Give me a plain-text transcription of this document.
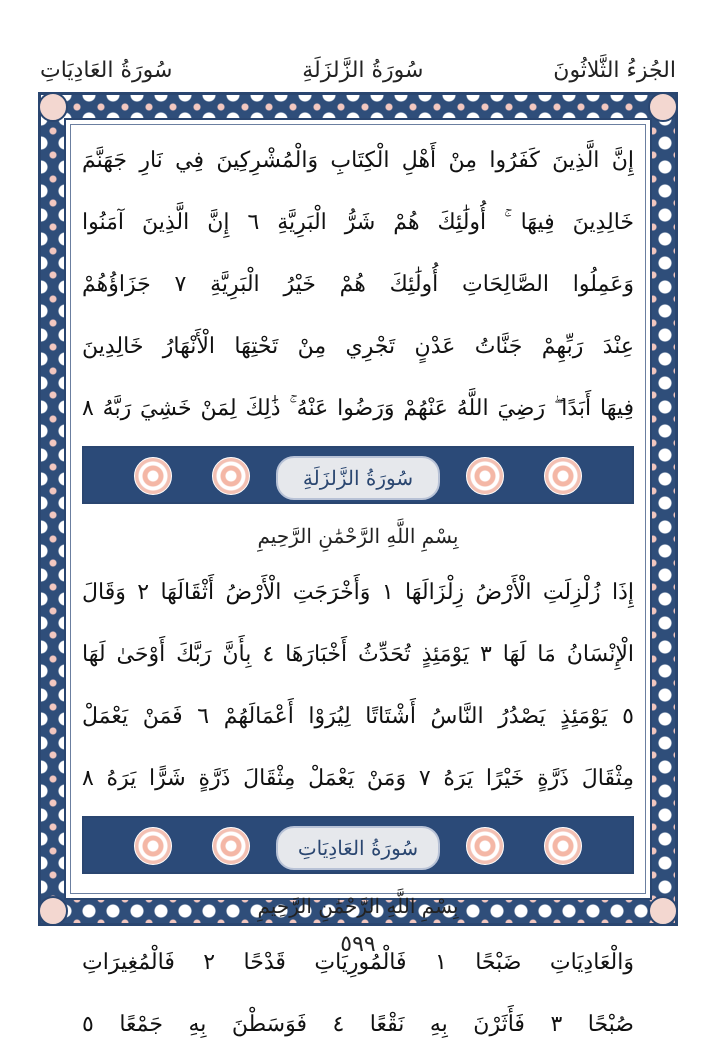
الجُزءُ الثَّلاثُونَ
سُورَةُ الزَّلزَلَةِ
سُورَةُ العَادِيَاتِ
إِنَّ الَّذِينَ كَفَرُوا مِنْ أَهْلِ الْكِتَابِ وَالْمُشْرِكِينَ فِي نَارِ جَهَنَّمَ
خَالِدِينَ فِيهَا ۚ أُولَٰئِكَ هُمْ شَرُّ الْبَرِيَّةِ ٦ إِنَّ الَّذِينَ آمَنُوا
وَعَمِلُوا الصَّالِحَاتِ أُولَٰئِكَ هُمْ خَيْرُ الْبَرِيَّةِ ٧ جَزَاؤُهُمْ
عِنْدَ رَبِّهِمْ جَنَّاتُ عَدْنٍ تَجْرِي مِنْ تَحْتِهَا الْأَنْهَارُ خَالِدِينَ
فِيهَا أَبَدًا ۖ رَضِيَ اللَّهُ عَنْهُمْ وَرَضُوا عَنْهُ ۚ ذَٰلِكَ لِمَنْ خَشِيَ رَبَّهُ ٨
سُورَةُ الزَّلزَلَةِ
بِسْمِ اللَّهِ الرَّحْمَٰنِ الرَّحِيمِ
إِذَا زُلْزِلَتِ الْأَرْضُ زِلْزَالَهَا ١ وَأَخْرَجَتِ الْأَرْضُ أَثْقَالَهَا ٢ وَقَالَ
الْإِنْسَانُ مَا لَهَا ٣ يَوْمَئِذٍ تُحَدِّثُ أَخْبَارَهَا ٤ بِأَنَّ رَبَّكَ أَوْحَىٰ لَهَا
٥ يَوْمَئِذٍ يَصْدُرُ النَّاسُ أَشْتَاتًا لِيُرَوْا أَعْمَالَهُمْ ٦ فَمَنْ يَعْمَلْ
مِثْقَالَ ذَرَّةٍ خَيْرًا يَرَهُ ٧ وَمَنْ يَعْمَلْ مِثْقَالَ ذَرَّةٍ شَرًّا يَرَهُ ٨
سُورَةُ العَادِيَاتِ
بِسْمِ اللَّهِ الرَّحْمَٰنِ الرَّحِيمِ
وَالْعَادِيَاتِ ضَبْحًا ١ فَالْمُورِيَاتِ قَدْحًا ٢ فَالْمُغِيرَاتِ
صُبْحًا ٣ فَأَثَرْنَ بِهِ نَقْعًا ٤ فَوَسَطْنَ بِهِ جَمْعًا ٥
٥٩٩
